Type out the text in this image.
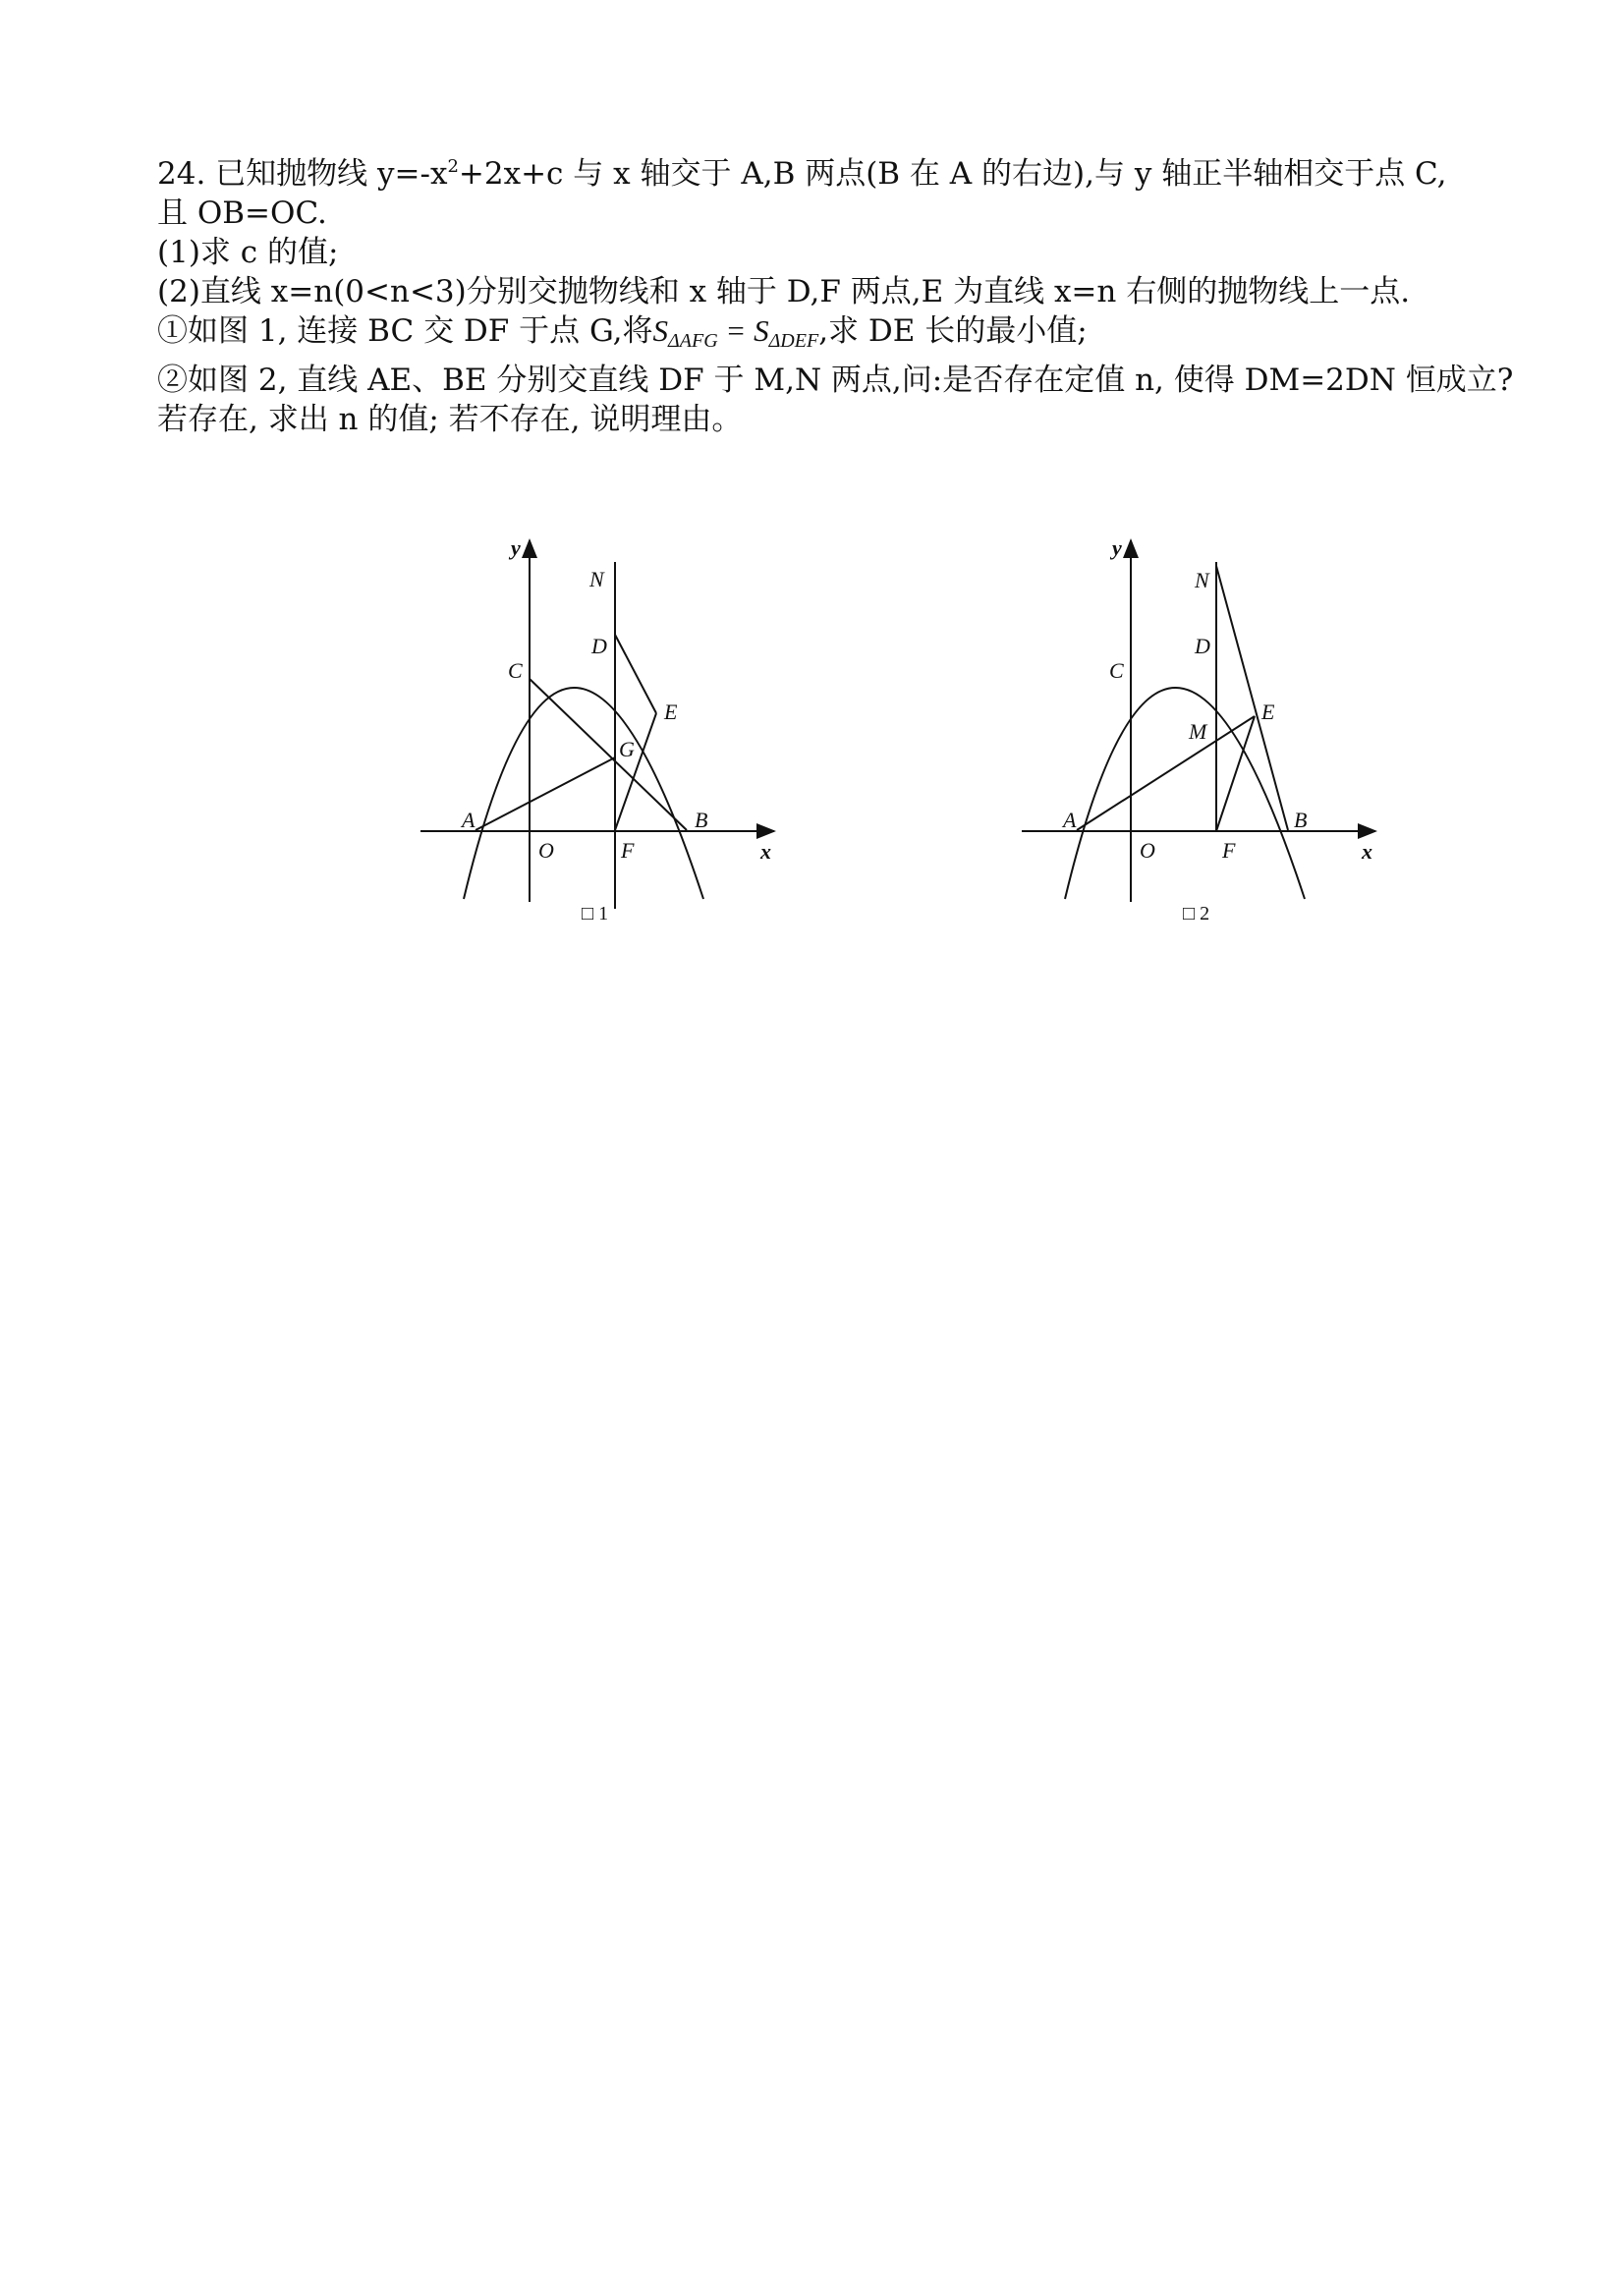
24. 已知抛物线 $y=-x^2+2x+c$ 与 x 轴交于 A,B 两点(B 在 A 的右边),与 y 轴正半轴相交于点 C,
且 OB=OC.
(1)求 c 的值;
(2)直线 x=n(0<n<3)分别交抛物线和 x 轴于 D,F 两点,E 为直线 x=n 右侧的抛物线上一点.
①如图 1, 连接 BC 交 DF 于点 G,将$S_{\Delta AFG} = S_{\Delta DEF}$,求 DE 长的最小值;
②如图 2, 直线 AE、BE 分别交直线 DF 于 M,N 两点,问:是否存在定值 n, 使得 DM=2DN 恒成立?
若存在, 求出 n 的值; 若不存在, 说明理由。
y
x
N
D
C
E
G
A
O	F
B
□ 1
y
x
N
D
C
E
M
A
O	F
B
□ 2
